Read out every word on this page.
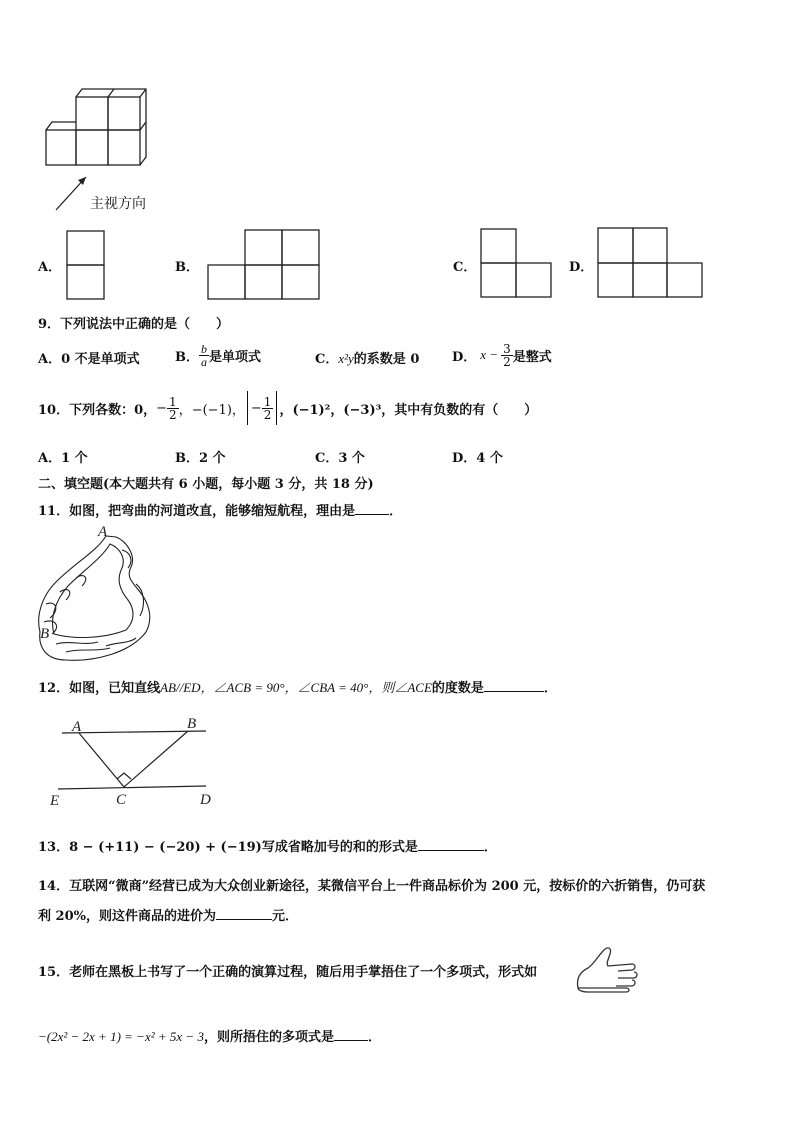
主视方向
A．	B．	C．	D．
9．下列说法中正确的是（　　）
A．0 不是单项式	B． $\frac{b}{a}$ 是单项式	C．x²y的系数是 0	D． $x - \frac{3}{2}$ 是整式
10．下列各数：0， − $\frac{1}{2}$ ，−(−1)， − $\frac{1}{2}$ ，(−1)²，(−3)³，其中有负数的有（　　）
A．1 个	B．2 个	C．3 个	D．4 个
二、填空题(本大题共有 6 小题，每小题 3 分，共 18 分)
11．如图，把弯曲的河道改直，能够缩短航程，理由是	．
A
B
12．如图，已知直线AB//ED，∠ACB = 90°，∠CBA = 40°，则∠ACE的度数是	．
A	B
C	D
E
13．8 − (+11) − (−20) + (−19)写成省略加号的和的形式是	．
14．互联网“微商”经营已成为大众创业新途径，某微信平台上一件商品标价为 200 元，按标价的六折销售，仍可获
利 20%，则这件商品的进价为	元．
15．老师在黑板上书写了一个正确的演算过程，随后用手掌捂住了一个多项式，形式如
−(2x² − 2x + 1) = −x² + 5x − 3，则所捂住的多项式是	．
